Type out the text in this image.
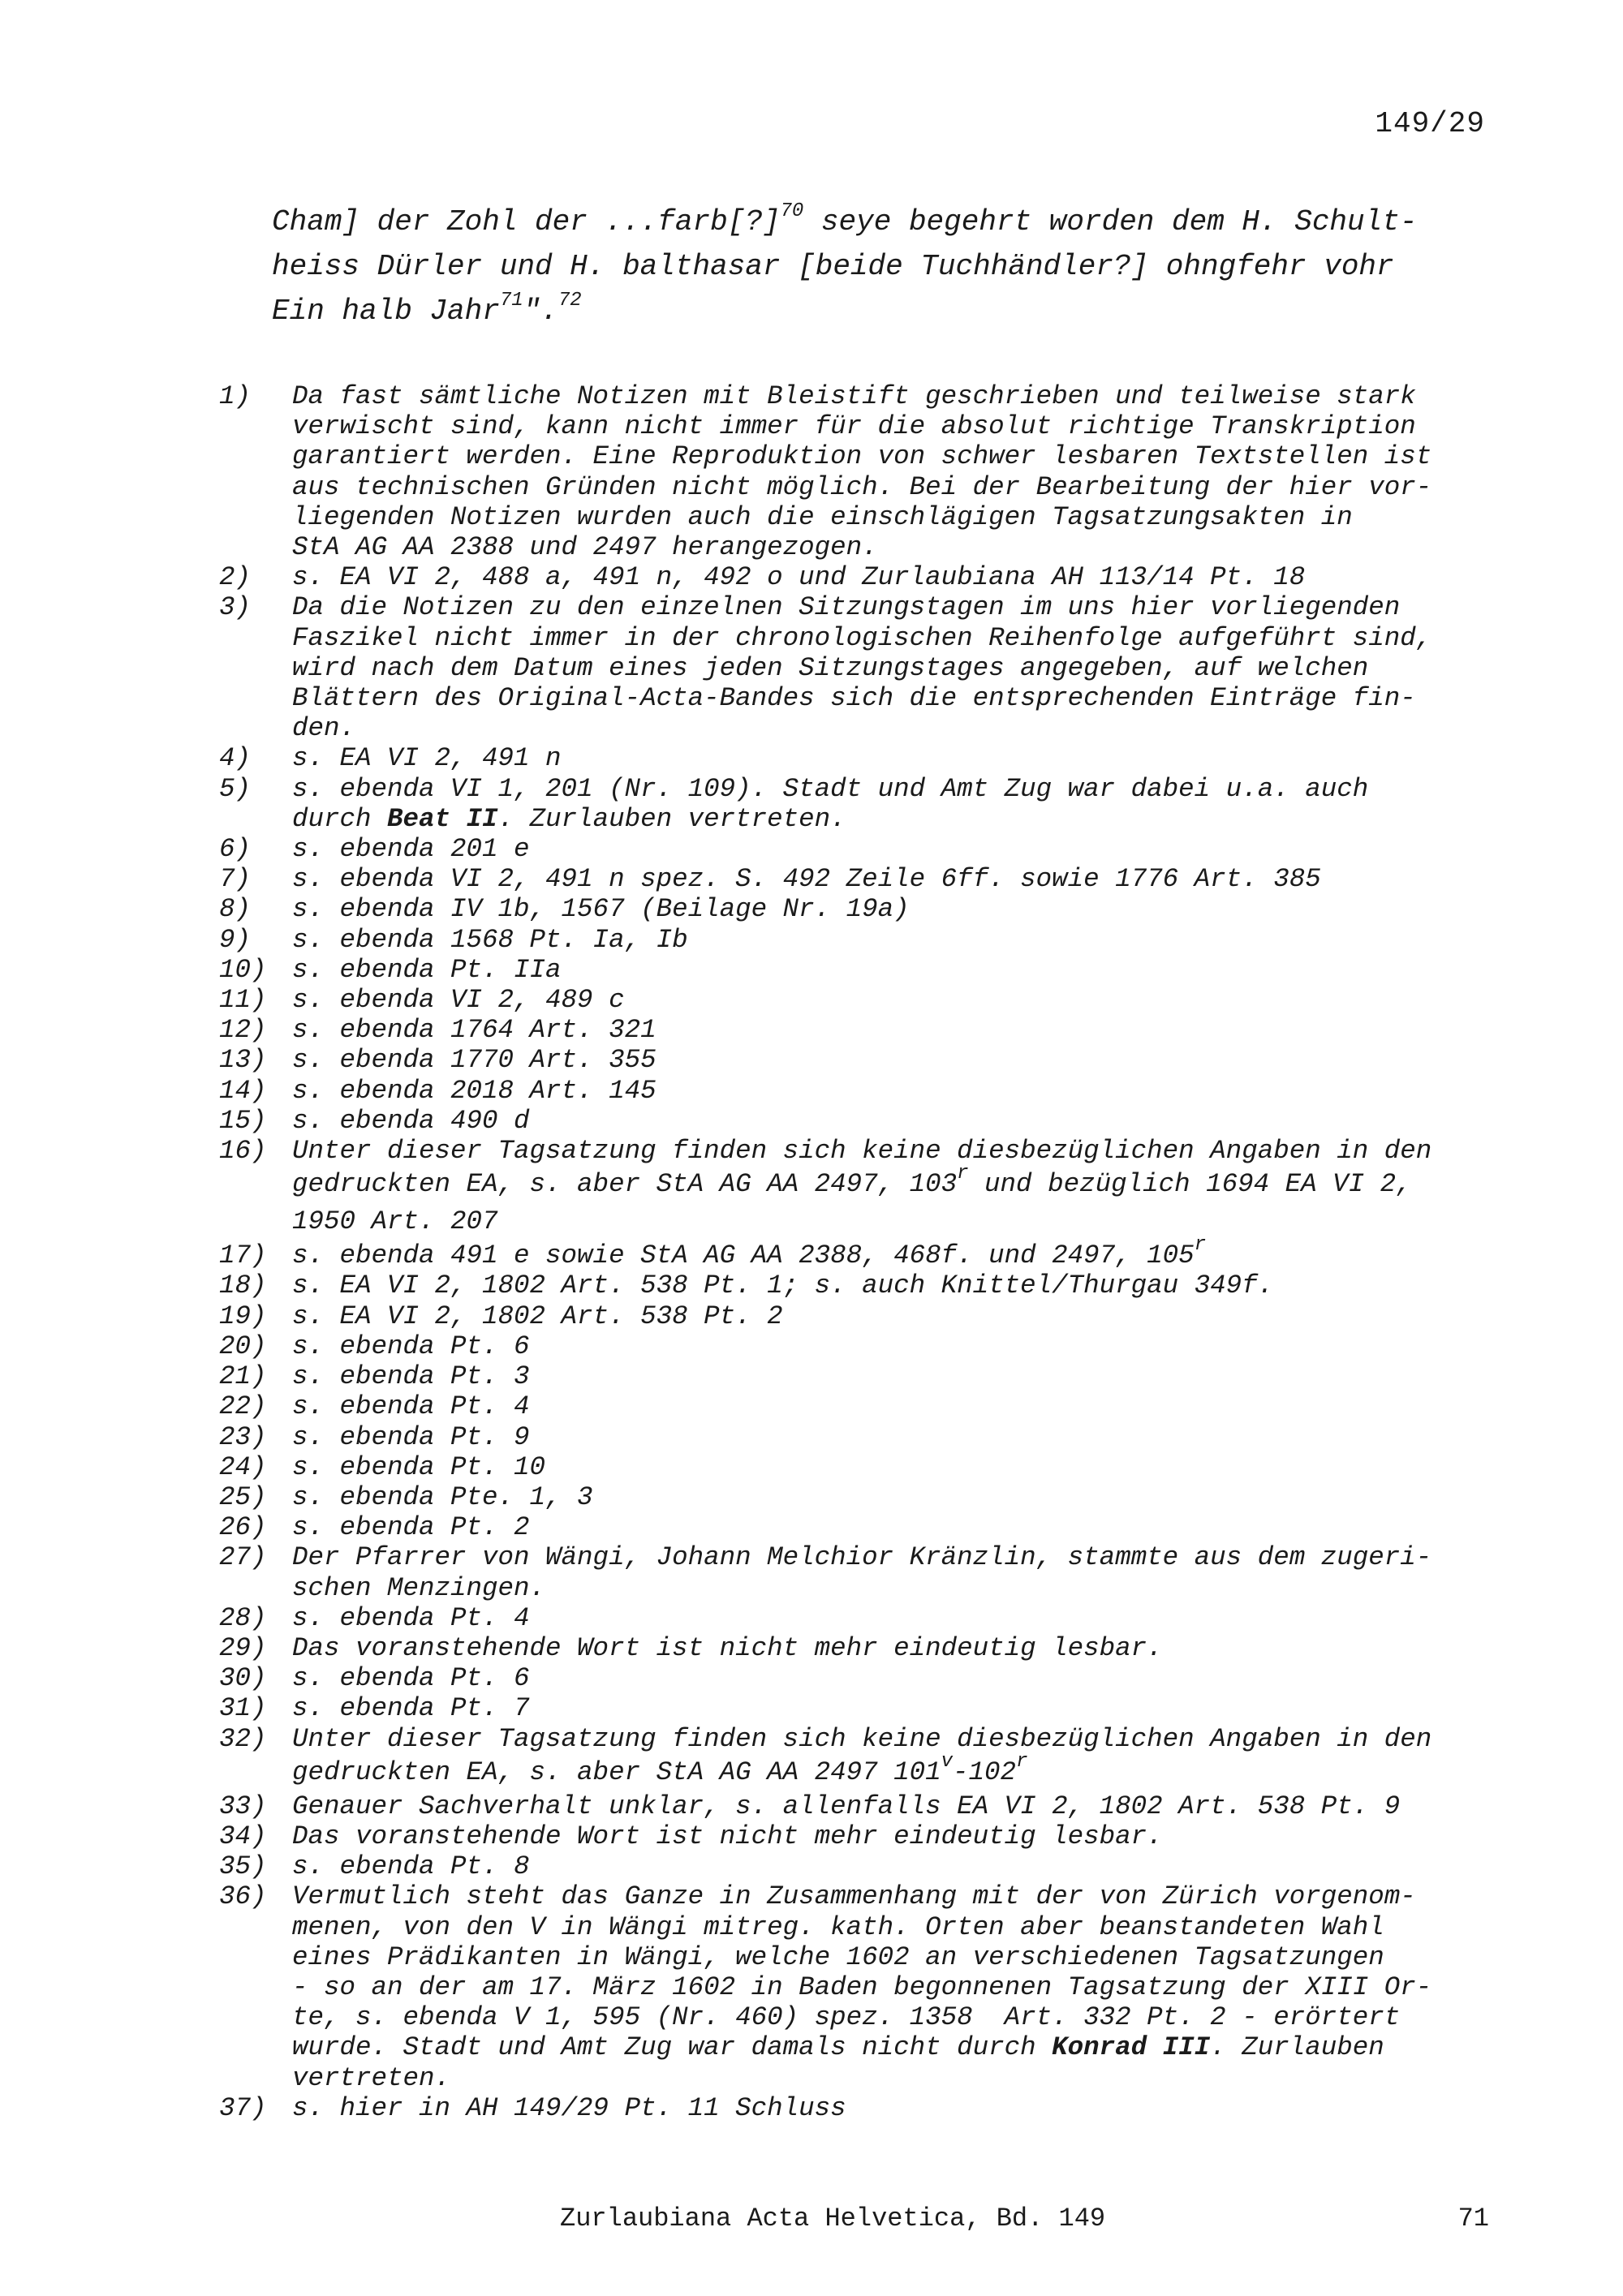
149/29
Cham] der Zohl der ...farb[?]$^{70}$ seye begehrt worden dem H. Schult-
heiss Dürler und H. balthasar [beide Tuchhändler?] ohngfehr vohr
Ein halb Jahr$^{71}$".$^{72}$
1)	Da fast sämtliche Notizen mit Bleistift geschrieben und teilweise stark
verwischt sind, kann nicht immer für die absolut richtige Transkription
garantiert werden. Eine Reproduktion von schwer lesbaren Textstellen ist
aus technischen Gründen nicht möglich. Bei der Bearbeitung der hier vor-
liegenden Notizen wurden auch die einschlägigen Tagsatzungsakten in
StA AG AA 2388 und 2497 herangezogen.
2)	s. EA VI 2, 488 a, 491 n, 492 o und Zurlaubiana AH 113/14 Pt. 18
3)	Da die Notizen zu den einzelnen Sitzungstagen im uns hier vorliegenden
Faszikel nicht immer in der chronologischen Reihenfolge aufgeführt sind,
wird nach dem Datum eines jeden Sitzungstages angegeben, auf welchen
Blättern des Original-Acta-Bandes sich die entsprechenden Einträge fin-
den.
4)	s. EA VI 2, 491 n
5)	s. ebenda VI 1, 201 (Nr. 109). Stadt und Amt Zug war dabei u.a. auch
durch Beat II. Zurlauben vertreten.
6)	s. ebenda 201 e
7)	s. ebenda VI 2, 491 n spez. S. 492 Zeile 6ff. sowie 1776 Art. 385
8)	s. ebenda IV 1b, 1567 (Beilage Nr. 19a)
9)	s. ebenda 1568 Pt. Ia, Ib
10) s. ebenda Pt. IIa
11) s. ebenda VI 2, 489 c
12) s. ebenda 1764 Art. 321
13) s. ebenda 1770 Art. 355
14) s. ebenda 2018 Art. 145
15) s. ebenda 490 d
16) Unter dieser Tagsatzung finden sich keine diesbezüglichen Angaben in den
gedruckten EA, s. aber StA AG AA 2497, 103$^r$ und bezüglich 1694 EA VI 2,
1950 Art. 207
17) s. ebenda 491 e sowie StA AG AA 2388, 468f. und 2497, 105$^r$
18) s. EA VI 2, 1802 Art. 538 Pt. 1; s. auch Knittel/Thurgau 349f.
19) s. EA VI 2, 1802 Art. 538 Pt. 2
20) s. ebenda Pt. 6
21) s. ebenda Pt. 3
22) s. ebenda Pt. 4
23) s. ebenda Pt. 9
24) s. ebenda Pt. 10
25) s. ebenda Pte. 1, 3
26) s. ebenda Pt. 2
27) Der Pfarrer von Wängi, Johann Melchior Kränzlin, stammte aus dem zugeri-
schen Menzingen.
28) s. ebenda Pt. 4
29) Das voranstehende Wort ist nicht mehr eindeutig lesbar.
30) s. ebenda Pt. 6
31) s. ebenda Pt. 7
32) Unter dieser Tagsatzung finden sich keine diesbezüglichen Angaben in den
gedruckten EA, s. aber StA AG AA 2497 101$^v$-102$^r$
33) Genauer Sachverhalt unklar, s. allenfalls EA VI 2, 1802 Art. 538 Pt. 9
34) Das voranstehende Wort ist nicht mehr eindeutig lesbar.
35) s. ebenda Pt. 8
36) Vermutlich steht das Ganze in Zusammenhang mit der von Zürich vorgenom-
menen, von den V in Wängi mitreg. kath. Orten aber beanstandeten Wahl
eines Prädikanten in Wängi, welche 1602 an verschiedenen Tagsatzungen
- so an der am 17. März 1602 in Baden begonnenen Tagsatzung der XIII Or-
te, s. ebenda V 1, 595 (Nr. 460) spez. 1358  Art. 332 Pt. 2 - erörtert
wurde. Stadt und Amt Zug war damals nicht durch Konrad III. Zurlauben
vertreten.
37) s. hier in AH 149/29 Pt. 11 Schluss
Zurlaubiana Acta Helvetica, Bd. 149	71
